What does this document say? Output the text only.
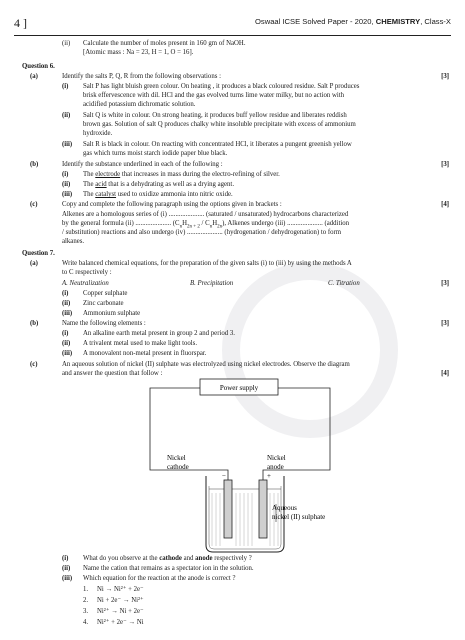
4 ]	Oswaal ICSE Solved Paper - 2020, CHEMISTRY, Class-X
(ii) Calculate the number of moles present in 160 gm of NaOH.
[Atomic mass : Na = 23, H = 1, O = 16].
Question 6.
(a)	Identify the salts P, Q, R from the following observations :	[3]
(i) Salt P has light bluish green colour. On heating , it produces a black coloured residue. Salt P produces
brisk effervescence with dil. HCl and the gas evolved turns lime water milky, but no action with
acidified potassium dichromatic solution.
(ii) Salt Q is white in colour. On strong heating, it produces buff yellow residue and liberates reddish
brown gas. Solution of salt Q produces chalky white insoluble precipitate with excess of ammonium
hydroxide.
(iii) Salt R is black in colour. On reacting with concentrated HCl, it liberates a pungent greenish yellow
gas which turns moist starch iodide paper blue black.
(b)	Identify the substance underlined in each of the following :	[3]
(i) The electrode that increases in mass during the electro-refining of silver.
(ii) The acid that is a dehydrating as well as a drying agent.
(iii) The catalyst used to oxidize ammonia into nitric oxide.
(c)	Copy and complete the following paragraph using the options given in brackets :	[4]
Alkenes are a homologous series of (i) ..................... (saturated / unsaturated) hydrocarbons characterized
by the general formula (ii) ..................... $(C_nH_{2n + 2} / C_nH_{2n})$, Alkenes undergo (iii) ..................... (addition
/ substitution) reactions and also undergo (iv) ..................... (hydrogenation / dehydrogenation) to form
alkanes.
Question 7.
(a)	Write balanced chemical equations, for the preparation of the given salts (i) to (iii) by using the methods A
to C respectively :
A. Neutralization	B. Precipitation	C. Titration	[3]
(i) Copper sulphate
(ii) Zinc carbonate
(iii) Ammonium sulphate
(b)	Name the following elements :	[3]
(i) An alkaline earth metal present in group 2 and period 3.
(ii) A trivalent metal used to make light tools.
(iii) A monovalent non-metal present in fluorspar.
(c)	An aqueous solution of nickel (II) sulphate was electrolyzed using nickel electrodes. Observe the diagram
and answer the question that follow :	[4]
Power supply
−	+
Nickel
cathode
Nickel
anode
Aqueous
nickel (II) sulphate
(i) What do you observe at the cathode and anode respectively ?
(ii) Name the cation that remains as a spectator ion in the solution.
(iii) Which equation for the reaction at the anode is correct ?
1. Ni → Ni²⁺ + 2e⁻
2. Ni + 2e⁻ → Ni²⁺
3. Ni²⁺ → Ni + 2e⁻
4. Ni²⁺ + 2e⁻ → Ni
